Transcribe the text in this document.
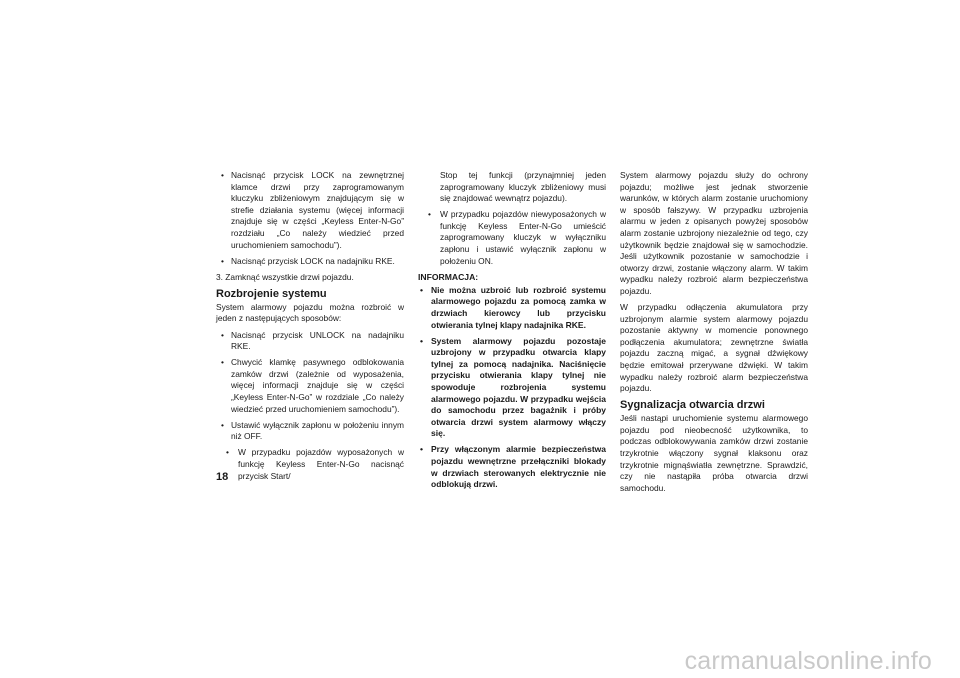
• Nacisnąć przycisk LOCK na zewnętrznej klamce drzwi przy zaprogramowanym kluczyku zbliżeniowym znajdującym się w strefie działania systemu (więcej informacji znajduje się w części „Keyless Enter-N-Go” rozdziału „Co należy wiedzieć przed uruchomieniem samochodu”).

• Nacisnąć przycisk LOCK na nadajniku RKE.

3. Zamknąć wszystkie drzwi pojazdu.

Rozbrojenie systemu

System alarmowy pojazdu można rozbroić w jeden z następujących sposobów:

• Nacisnąć przycisk UNLOCK na nadajniku RKE.

• Chwycić klamkę pasywnego odblokowania zamków drzwi (zależnie od wyposażenia, więcej informacji znajduje się w części „Keyless Enter-N-Go” w rozdziale „Co należy wiedzieć przed uruchomieniem samochodu”).

• Ustawić wyłącznik zapłonu w położeniu innym niż OFF.

• W przypadku pojazdów wyposażonych w funkcję Keyless Enter-N-Go nacisnąć przycisk Start/

Stop tej funkcji (przynajmniej jeden zaprogramowany kluczyk zbliżeniowy musi się znajdować wewnątrz pojazdu).

• W przypadku pojazdów niewyposażonych w funkcję Keyless Enter-N-Go umieścić zaprogramowany kluczyk w wyłączniku zapłonu i ustawić wyłącznik zapłonu w położeniu ON.

INFORMACJA:

• Nie można uzbroić lub rozbroić systemu alarmowego pojazdu za pomocą zamka w drzwiach kierowcy lub przycisku otwierania tylnej klapy nadajnika RKE.

• System alarmowy pojazdu pozostaje uzbrojony w przypadku otwarcia klapy tylnej za pomocą nadajnika. Naciśnięcie przycisku otwierania klapy tylnej nie spowoduje rozbrojenia systemu alarmowego pojazdu. W przypadku wejścia do samochodu przez bagażnik i próby otwarcia drzwi system alarmowy włączy się.

• Przy włączonym alarmie bezpieczeństwa pojazdu wewnętrzne przełączniki blokady w drzwiach sterowanych elektrycznie nie odblokują drzwi.

System alarmowy pojazdu służy do ochrony pojazdu; możliwe jest jednak stworzenie warunków, w których alarm zostanie uruchomiony w sposób fałszywy. W przypadku uzbrojenia alarmu w jeden z opisanych powyżej sposobów alarm zostanie uzbrojony niezależnie od tego, czy użytkownik będzie znajdował się w samochodzie. Jeśli użytkownik pozostanie w samochodzie i otworzy drzwi, zostanie włączony alarm. W takim wypadku należy rozbroić alarm bezpieczeństwa pojazdu.

W przypadku odłączenia akumulatora przy uzbrojonym alarmie system alarmowy pojazdu pozostanie aktywny w momencie ponownego podłączenia akumulatora; zewnętrzne światła pojazdu zaczną migać, a sygnał dźwiękowy będzie emitował przerywane dźwięki. W takim wypadku należy rozbroić alarm bezpieczeństwa pojazdu.

Sygnalizacja otwarcia drzwi

Jeśli nastąpi uruchomienie systemu alarmowego pojazdu pod nieobecność użytkownika, to podczas odblokowywania zamków drzwi zostanie trzykrotnie włączony sygnał klaksonu oraz trzykrotnie mignąświatła zewnętrzne. Sprawdzić, czy nie nastąpiła próba otwarcia drzwi samochodu.

18
carmanualsonline.info
